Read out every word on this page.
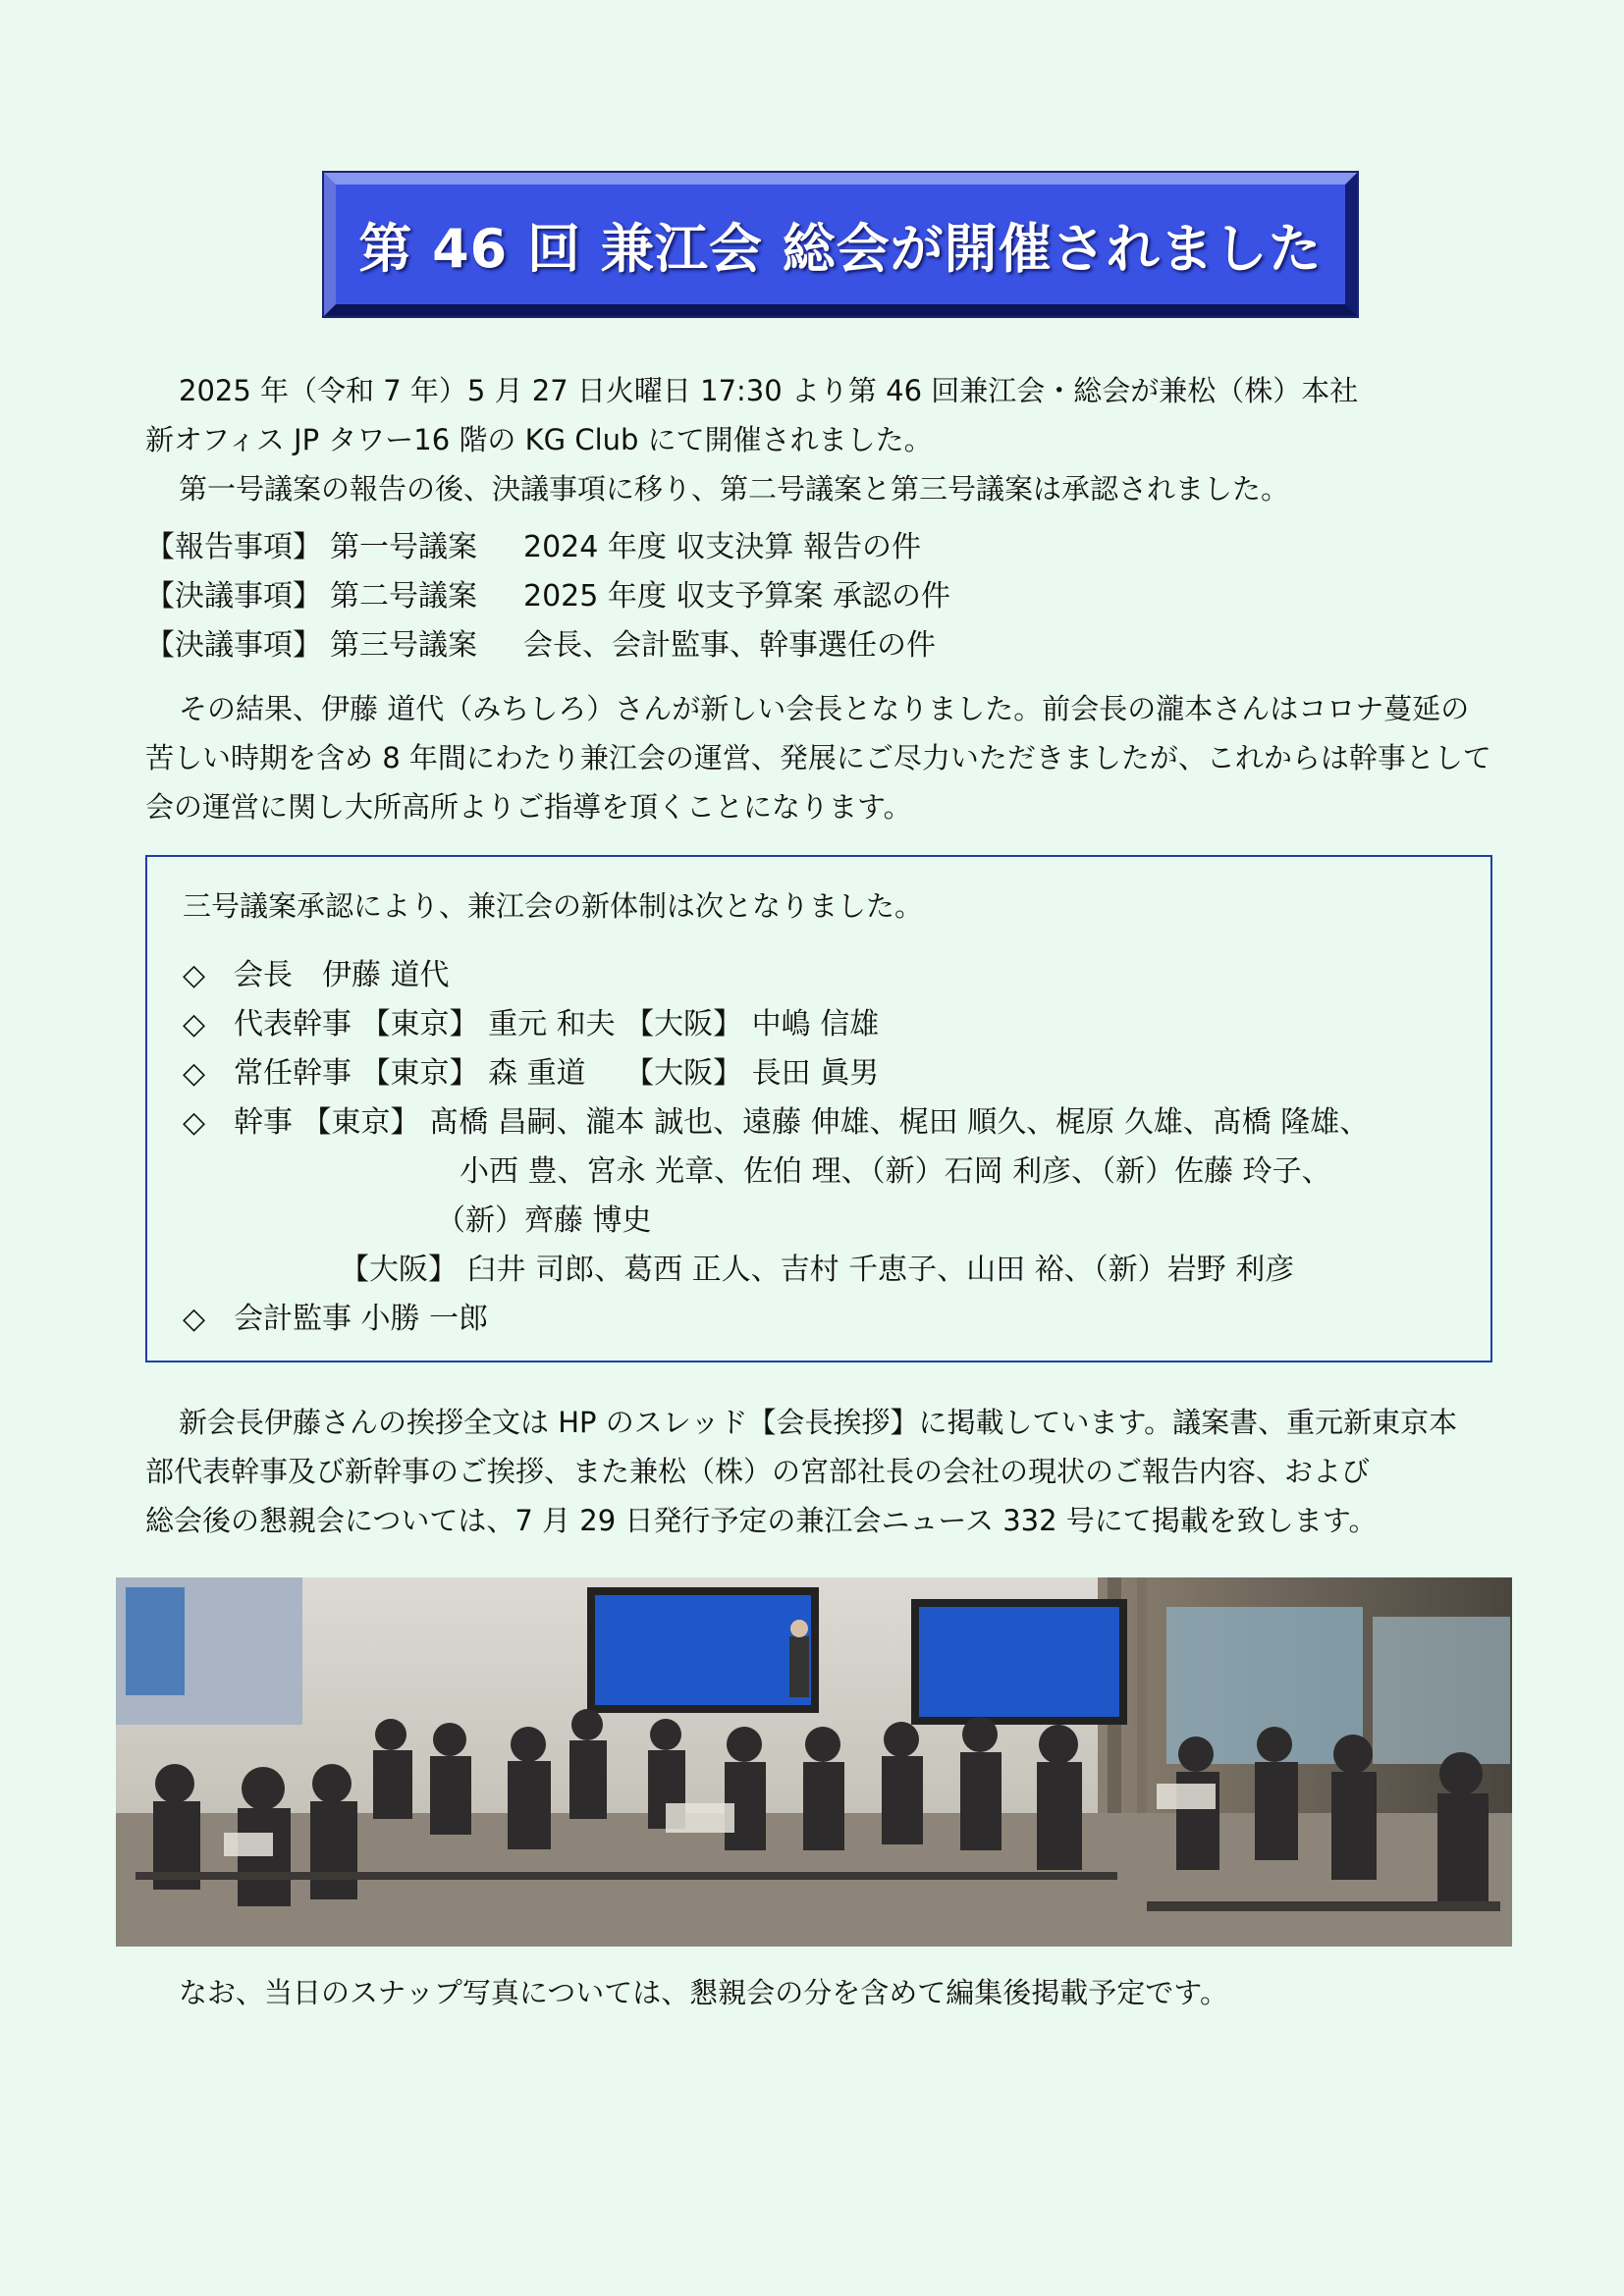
第 46 回 兼江会 総会が開催されました
2025 年（令和 7 年）5 月 27 日火曜日 17:30 より第 46 回兼江会・総会が兼松（株）本社
新オフィス JP タワー16 階の KG Club にて開催されました。
第一号議案の報告の後、決議事項に移り、第二号議案と第三号議案は承認されました。
【報告事項】 第一号議案 2024 年度 収支決算 報告の件
【決議事項】 第二号議案 2025 年度 収支予算案 承認の件
【決議事項】 第三号議案 会長、会計監事、幹事選任の件
その結果、伊藤 道代（みちしろ）さんが新しい会長となりました。前会長の瀧本さんはコロナ蔓延の
苦しい時期を含め 8 年間にわたり兼江会の運営、発展にご尽力いただきましたが、これからは幹事として
会の運営に関し大所高所よりご指導を頂くことになります。
三号議案承認により、兼江会の新体制は次となりました。
◇ 会長　伊藤 道代
◇ 代表幹事 【東京】 重元 和夫 【大阪】 中嶋 信雄
◇ 常任幹事 【東京】 森 重道　 【大阪】 長田 眞男
◇ 幹事 【東京】 髙橋 昌嗣、瀧本 誠也、遠藤 伸雄、梶田 順久、梶原 久雄、髙橋 隆雄、
小西 豊、宮永 光章、佐伯 理、（新）石岡 利彦、（新）佐藤 玲子、
（新）齊藤 博史
【大阪】 臼井 司郎、葛西 正人、吉村 千恵子、山田 裕、（新）岩野 利彦
◇ 会計監事 小勝 一郎
新会長伊藤さんの挨拶全文は HP のスレッド【会長挨拶】に掲載しています。議案書、重元新東京本
部代表幹事及び新幹事のご挨拶、また兼松（株）の宮部社長の会社の現状のご報告内容、および
総会後の懇親会については、7 月 29 日発行予定の兼江会ニュース 332 号にて掲載を致します。
なお、当日のスナップ写真については、懇親会の分を含めて編集後掲載予定です。
